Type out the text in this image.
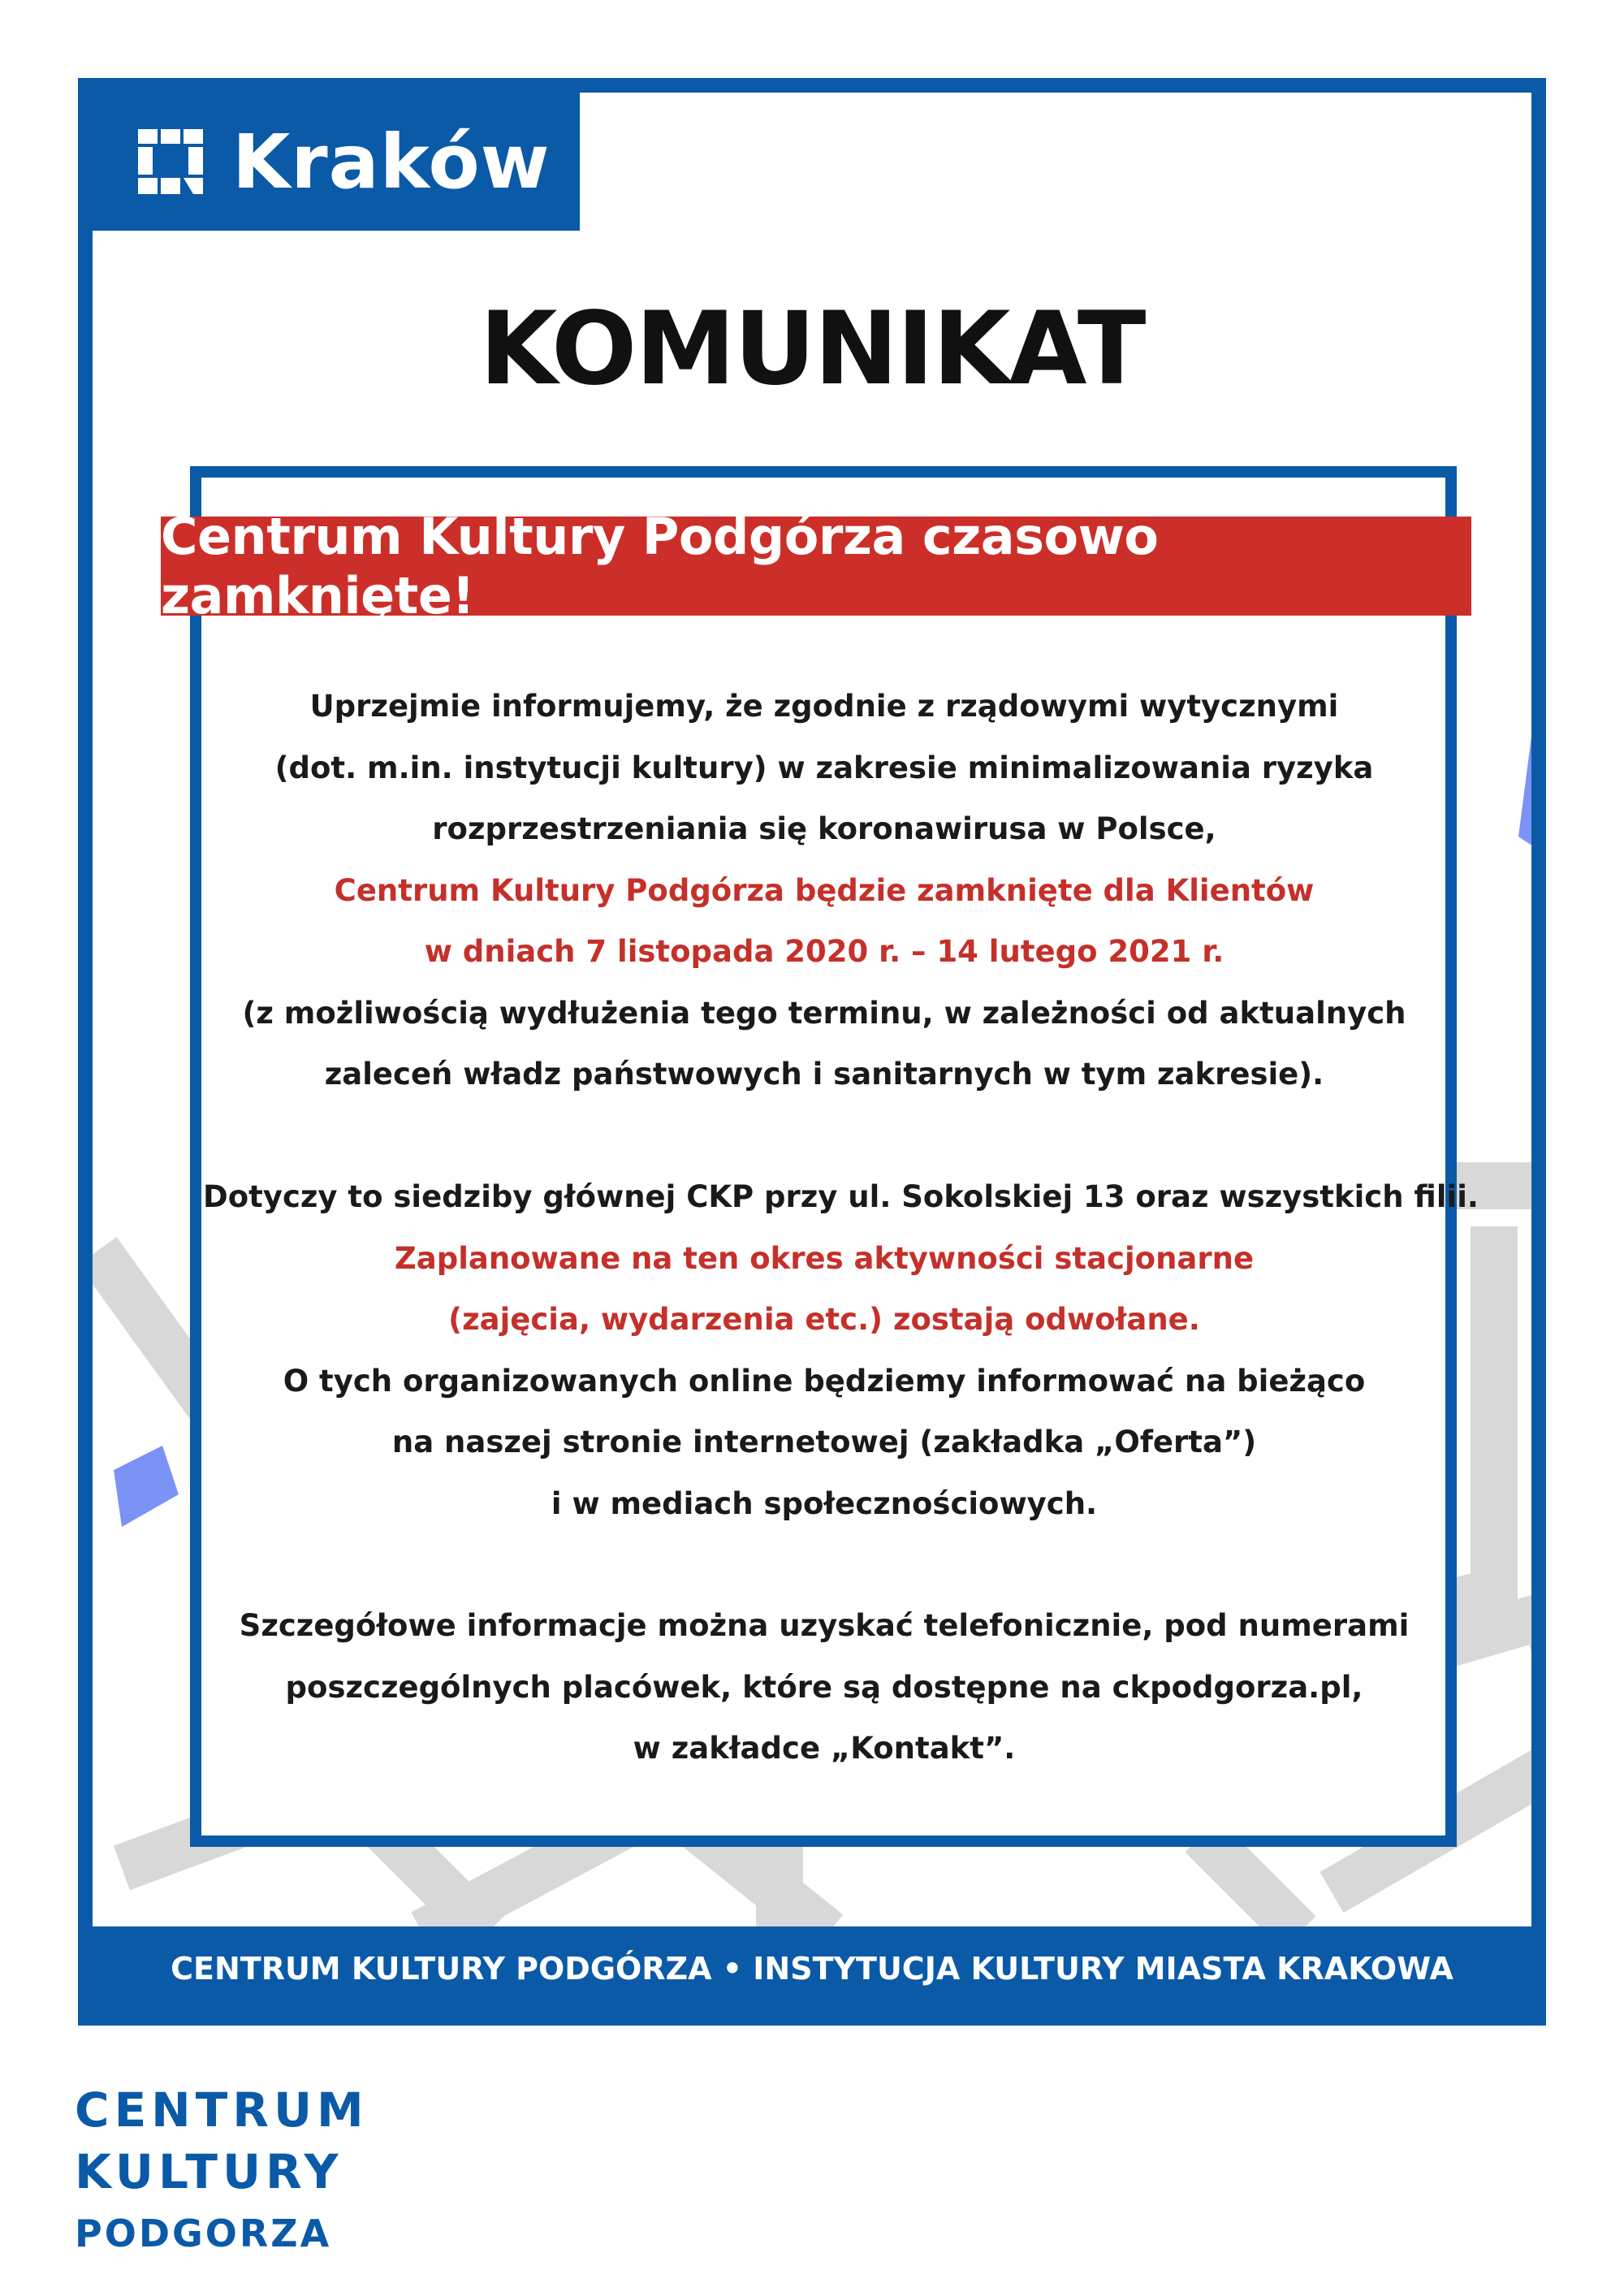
Kraków
KOMUNIKAT
Centrum Kultury Podgórza czasowo zamknięte!
Uprzejmie informujemy, że zgodnie z rządowymi wytycznymi
(dot. m.in. instytucji kultury) w zakresie minimalizowania ryzyka
rozprzestrzeniania się koronawirusa w Polsce,
Centrum Kultury Podgórza będzie zamknięte dla Klientów
w dniach 7 listopada 2020 r. – 14 lutego 2021 r.
(z możliwością wydłużenia tego terminu, w zależności od aktualnych
zaleceń władz państwowych i sanitarnych w tym zakresie).
Dotyczy to siedziby głównej CKP przy ul. Sokolskiej 13 oraz wszystkich filii.
Zaplanowane na ten okres aktywności stacjonarne
(zajęcia, wydarzenia etc.) zostają odwołane.
O tych organizowanych online będziemy informować na bieżąco
na naszej stronie internetowej (zakładka „Oferta”)
i w mediach społecznościowych.
Szczegółowe informacje można uzyskać telefonicznie, pod numerami
poszczególnych placówek, które są dostępne na ckpodgorza.pl,
w zakładce „Kontakt”.
CENTRUM KULTURY PODGÓRZA • INSTYTUCJA KULTURY MIASTA KRAKOWA
CENTRUM
KULTURY
PODGORZA
